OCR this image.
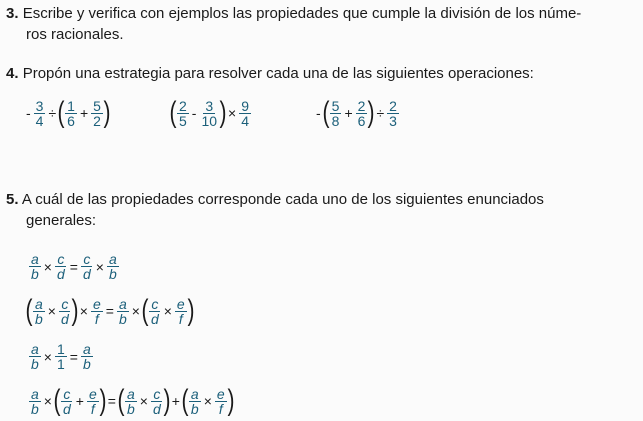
3. Escribe y verifica con ejemplos las propiedades que cumple la división de los núme-
ros racionales.
4. Propón una estrategia para resolver cada una de las siguientes operaciones:
- $\frac{3}{4}$ ÷ ( $\frac{1}{6} + \frac{5}{2}$ ) ( $\frac{2}{5} - \frac{3}{10}$ ) × $\frac{9}{4}$	- ( $\frac{5}{8} + \frac{2}{6}$ ) ÷ $\frac{2}{3}$
5. A cuál de las propiedades corresponde cada uno de los siguientes enunciados
generales:
$\frac{a}{b} \times \frac{c}{d} = \frac{c}{d} \times \frac{a}{b}$
( $\frac{a}{b} \times \frac{c}{d}$ ) × $\frac{e}{f} = \frac{a}{b}$ × ( $\frac{c}{d} \times \frac{e}{f}$ )
$\frac{a}{b} \times \frac{1}{1} = \frac{a}{b}$
$\frac{a}{b}$ × ( $\frac{c}{d} + \frac{e}{f}$ ) = ( $\frac{a}{b} \times \frac{c}{d}$ ) + ( $\frac{a}{b} \times \frac{e}{f}$ )
